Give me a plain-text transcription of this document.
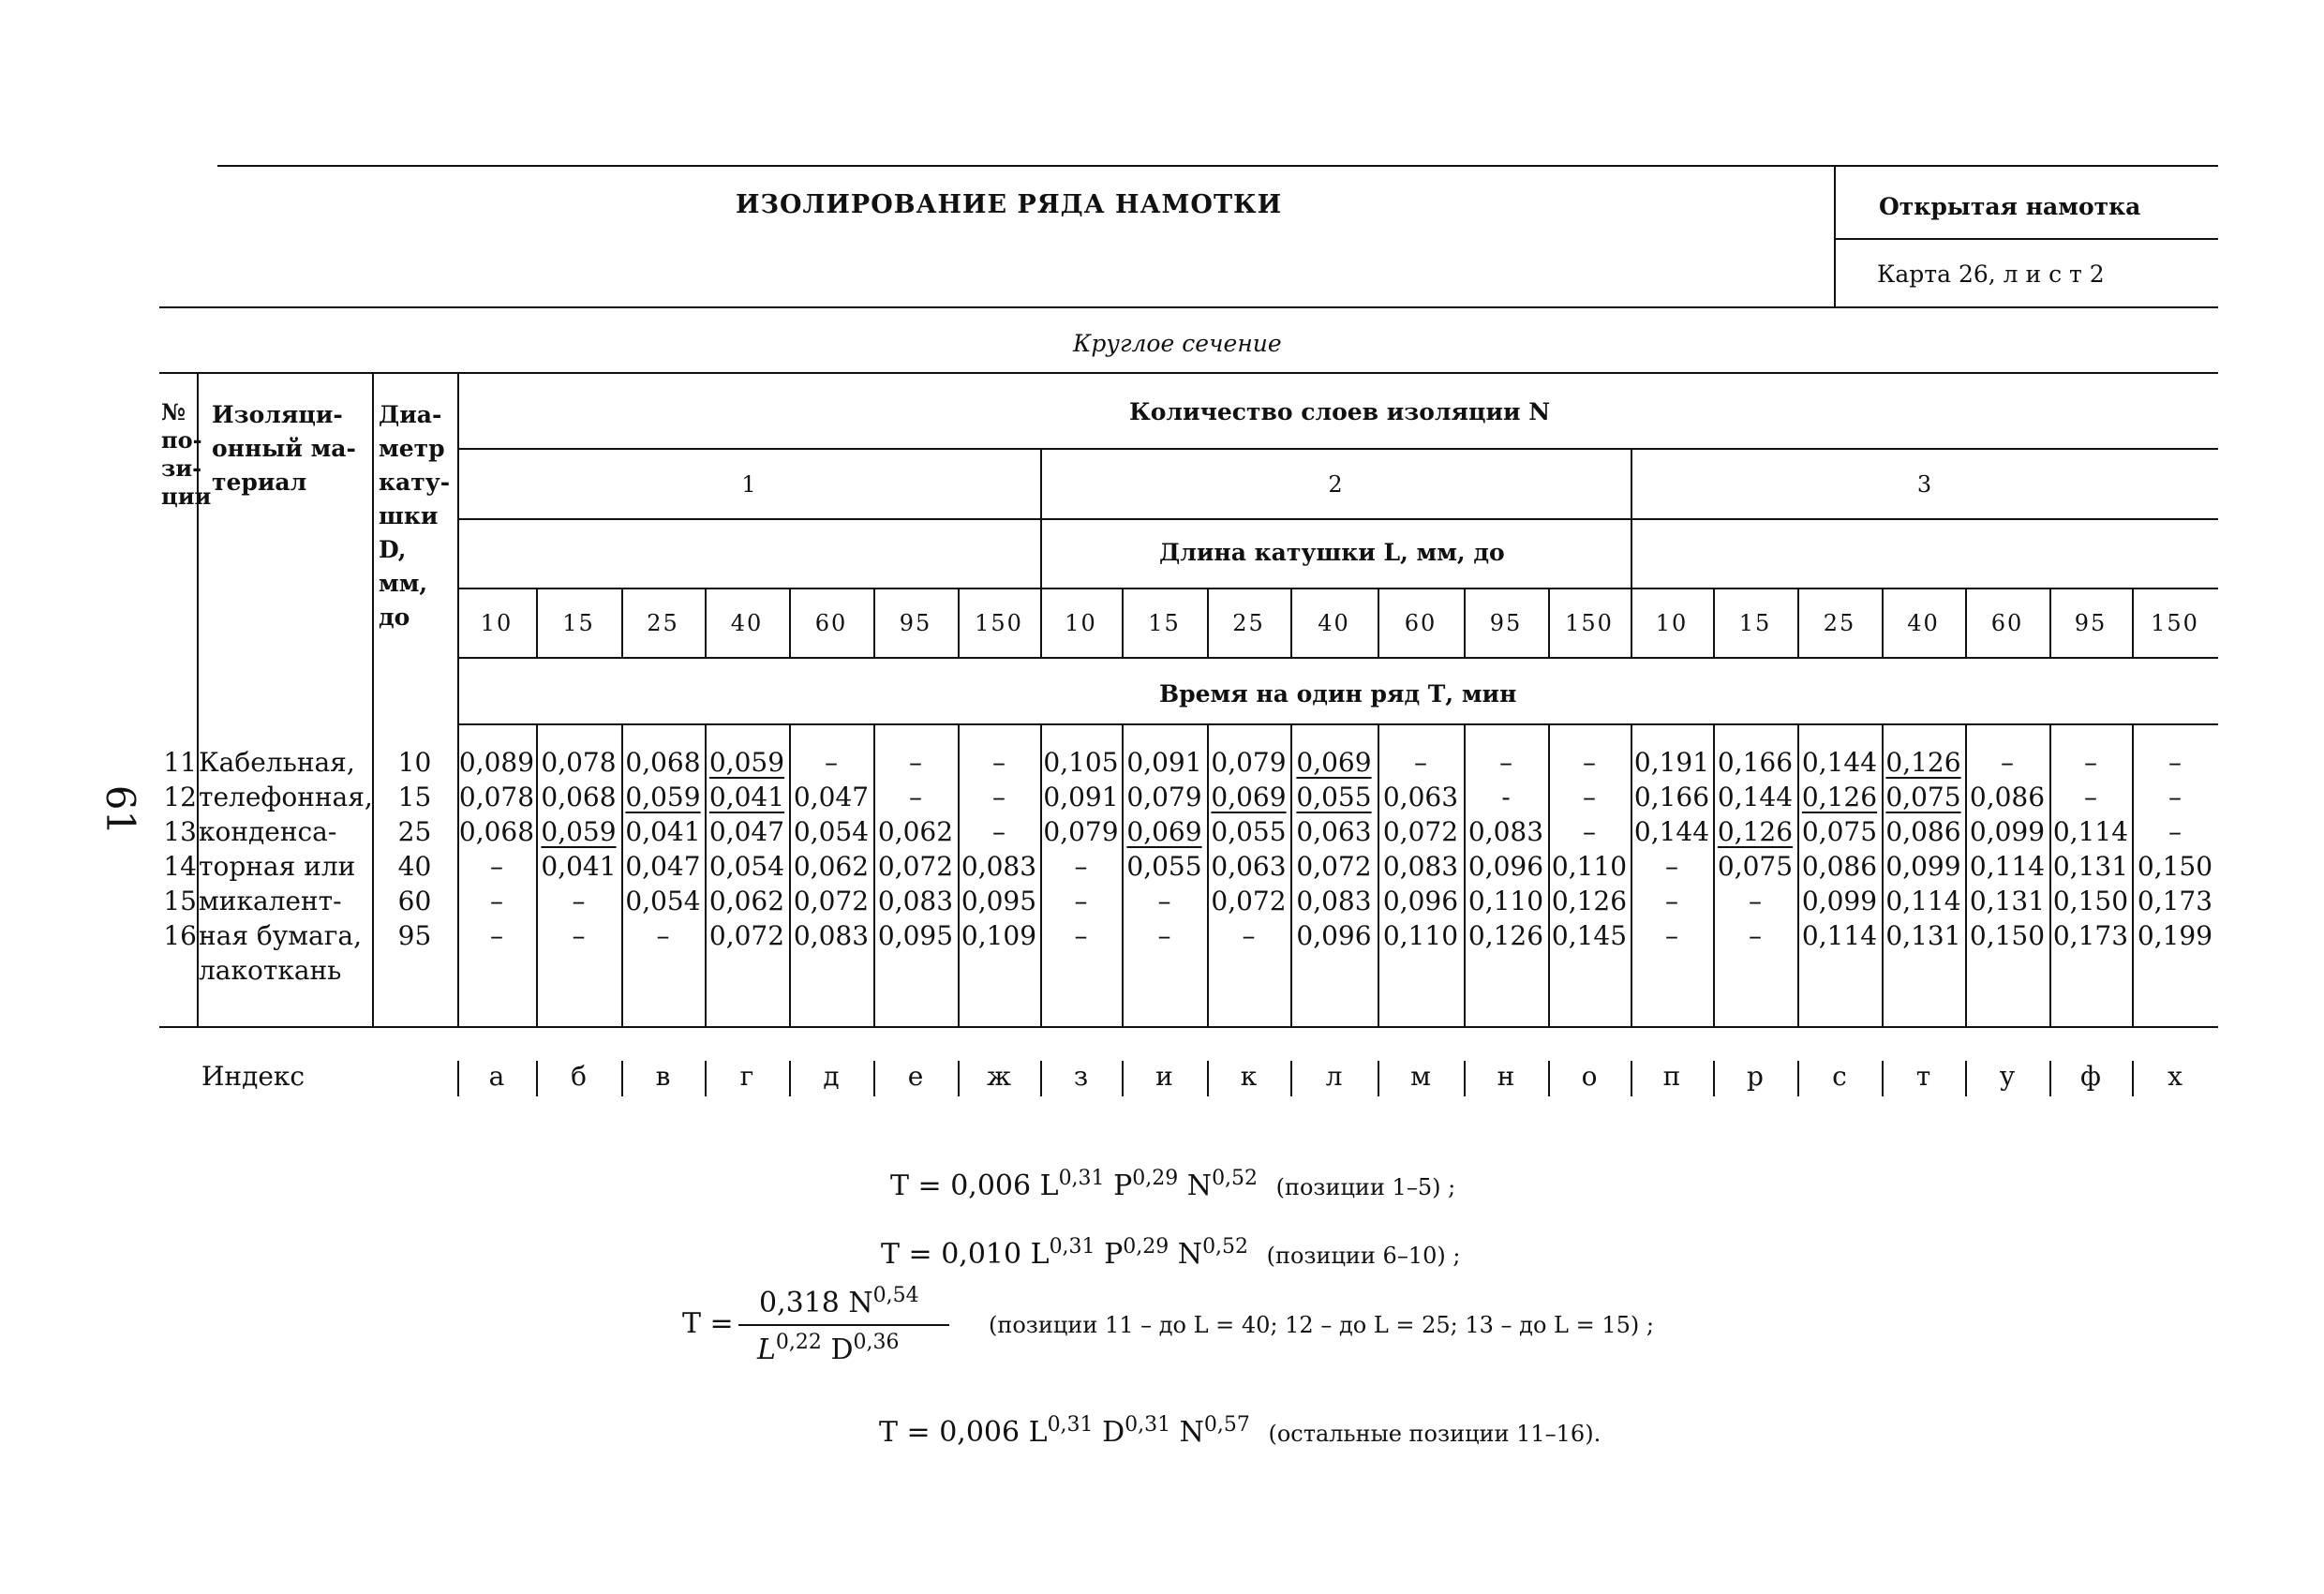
ИЗОЛИРОВАНИЕ РЯДА НАМОТКИ	Открытая намотка
Карта 26, л и с т 2
Круглое сечение
61
№
по-
зи-
ции
Изоляци-
онный ма-
териал
Диа-
метр
кату-
шки
D,
мм,
до
Количество слоев изоляции N
1	2	3
Длина катушки L, мм, до
10	15	25	40	60	95	150	10	15	25	40	60	95	150	10	15	25	40	60	95	150
Время на один ряд Т, мин
11 Кабельная,	10	0,089 0,078 0,068 0,059	–	–	–	0,105 0,091 0,079 0,069	–	–	–	0,191 0,166 0,144 0,126	–	–	–
12 телефонная, 15	0,078 0,068 0,059 0,041 0,047	–	–	0,091 0,079 0,069 0,055 0,063	-	–	0,166 0,144 0,126 0,075 0,086	–	–
13 конденса-	25	0,068 0,059 0,041 0,047 0,054 0,062	–	0,079 0,069 0,055 0,063 0,072 0,083	–	0,144 0,126 0,075 0,086 0,099 0,114	–
14 торная или	40	–	0,041 0,047 0,054 0,062 0,072 0,083	–	0,055 0,063 0,072 0,083 0,096 0,110	–	0,075 0,086 0,099 0,114 0,131 0,150
15 микалент-	60	–	–	0,054 0,062 0,072 0,083 0,095	–	–	0,072 0,083 0,096 0,110 0,126	–	–	0,099 0,114 0,131 0,150 0,173
16 ная бумага,	95	–	–	–	0,072 0,083 0,095 0,109	–	–	–	0,096 0,110 0,126 0,145	–	–	0,114 0,131 0,150 0,173 0,199
лакоткань
Индекс	а	б	в	г	д	е	ж	з	и	к	л	м	н	о	п	р	с	т	у	ф	х
Т = 0,006 L$^{0,31}$ P$^{0,29}$ N$^{0,52}$ (позиции 1–5) ;
Т = 0,010 L$^{0,31}$ P$^{0,29}$ N$^{0,52}$ (позиции 6–10) ;
Т =
0,318 N$^{0,54}$
L$^{0,22}$ D$^{0,36}$
(позиции 11 – до L = 40; 12 – до L = 25; 13 – до L = 15) ;
Т = 0,006 L$^{0,31}$ D$^{0,31}$ N$^{0,57}$ (остальные позиции 11–16).
